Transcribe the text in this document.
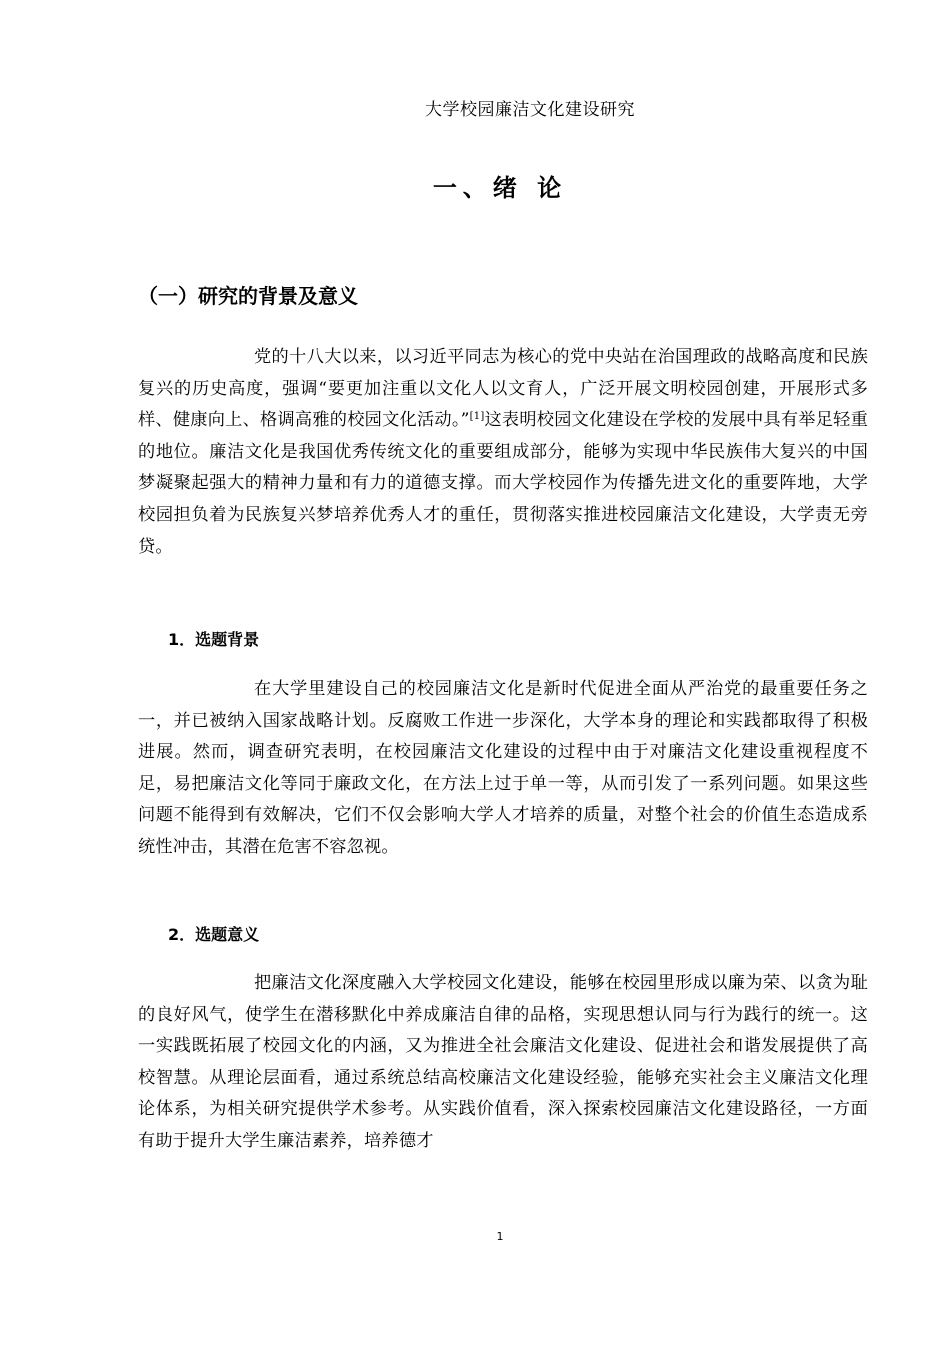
大学校园廉洁文化建设研究
一、绪 论
（一）研究的背景及意义
党的十八大以来，以习近平同志为核心的党中央站在治国理政的战略高度和民族复兴的历史高度，强调“要更加注重以文化人以文育人，广泛开展文明校园创建，开展形式多样、健康向上、格调高雅的校园文化活动。”[1]这表明校园文化建设在学校的发展中具有举足轻重的地位。廉洁文化是我国优秀传统文化的重要组成部分，能够为实现中华民族伟大复兴的中国梦凝聚起强大的精神力量和有力的道德支撑。而大学校园作为传播先进文化的重要阵地，大学校园担负着为民族复兴梦培养优秀人才的重任，贯彻落实推进校园廉洁文化建设，大学责无旁贷。
1．选题背景
在大学里建设自己的校园廉洁文化是新时代促进全面从严治党的最重要任务之一，并已被纳入国家战略计划。反腐败工作进一步深化，大学本身的理论和实践都取得了积极进展。然而，调查研究表明，在校园廉洁文化建设的过程中由于对廉洁文化建设重视程度不足，易把廉洁文化等同于廉政文化，在方法上过于单一等，从而引发了一系列问题。如果这些问题不能得到有效解决，它们不仅会影响大学人才培养的质量，对整个社会的价值生态造成系统性冲击，其潜在危害不容忽视。
2．选题意义
把廉洁文化深度融入大学校园文化建设，能够在校园里形成以廉为荣、以贪为耻的良好风气，使学生在潜移默化中养成廉洁自律的品格，实现思想认同与行为践行的统一。这一实践既拓展了校园文化的内涵，又为推进全社会廉洁文化建设、促进社会和谐发展提供了高校智慧。从理论层面看，通过系统总结高校廉洁文化建设经验，能够充实社会主义廉洁文化理论体系，为相关研究提供学术参考。从实践价值看，深入探索校园廉洁文化建设路径，一方面有助于提升大学生廉洁素养，培养德才
1
